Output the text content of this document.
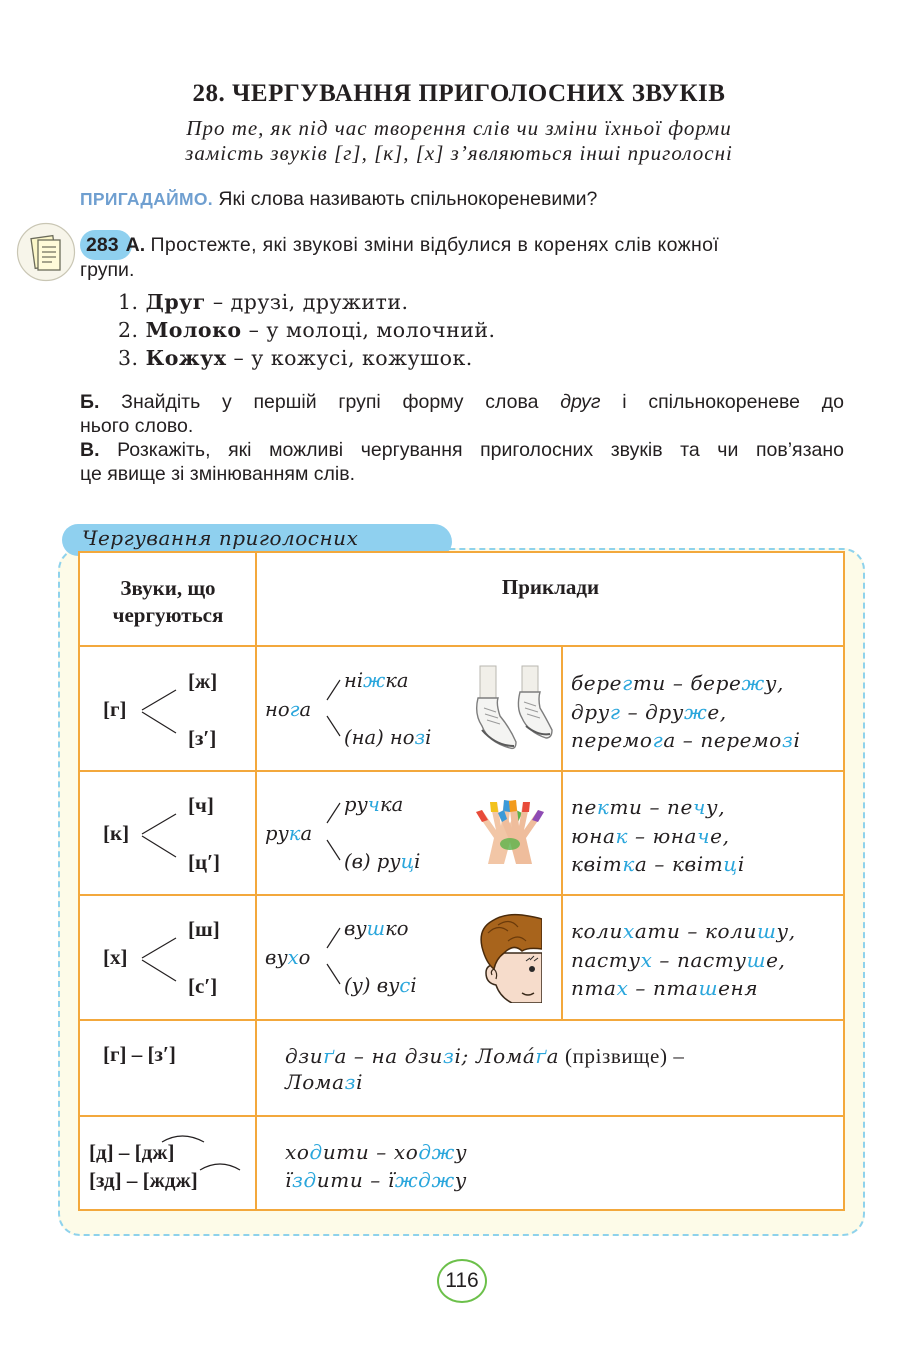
28. ЧЕРГУВАННЯ ПРИГОЛОСНИХ ЗВУКІВ
Про те, як під час творення слів чи зміни їхньої форми
замість звуків [г], [к], [х] з’являються інші приголосні
ПРИГАДАЙМО. Які слова називають спільнокореневими?
283  А. Простежте, які звукові зміни відбулися в коренях слів кожної
групи.
1. Друг – друзі, дружити.
2. Молоко – у молоці, молочний.
3. Кожух – у кожусі, кожушок.
Б. Знайдіть у першій групі форму слова друг і спільнокореневе до
нього слово.
В. Розкажіть, які можливі чергування приголосних звуків та чи пов’язано
це явище зі змінюванням слів.
Чергування приголосних
Звуки, що
чергуються
Приклади
[г]
[ж]
[з′]
нога
ніжка
(на) нозі
берегти – бережу,
друг – друже,
перемога – перемозі
[к]
[ч]
[ц′]
рука
ручка
(в) руці
пекти – печу,
юнак – юначе,
квітка – квітці
[х]
[ш]
[с′]
вухо
вушко
(у) вусі
колихати – колишу,
пастух – пастуше,
птах – пташеня
[г] – [з′]	дзиґа – на дзизі; Ломáґа (прізвище) –
Ломазі
[д] – [дж]
[зд] – [ждж]
ходити – ходжу
їздити – їжджу
116
